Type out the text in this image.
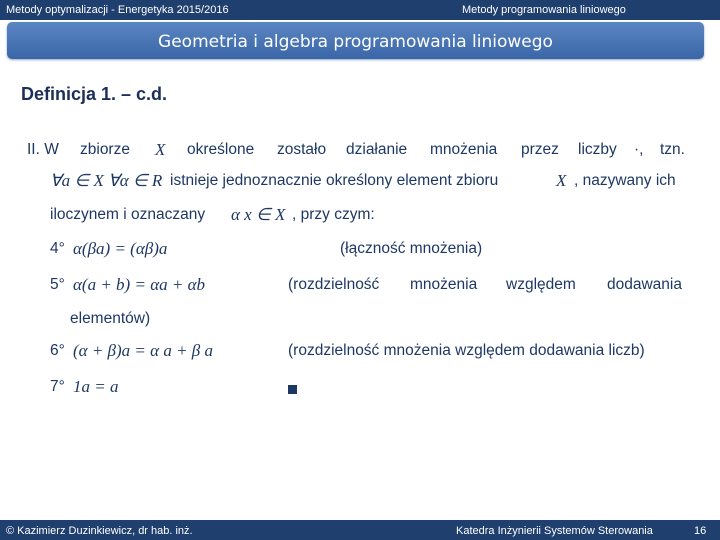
Metody optymalizacji - Energetyka 2015/2016	Metody programowania liniowego
Geometria i algebra programowania liniowego
Definicja 1. – c.d.
II. W zbiorze X określone zostało działanie mnożenia przez liczby ·, tzn.
∀a ∈ X ∀α ∈ R istnieje jednoznacznie określony element zbioru	X , nazywany ich
iloczynem i oznaczany α x ∈ X , przy czym:
4° α(βa) = (αβ)a	(łączność mnożenia)
5° α(a + b) = αa + αb	(rozdzielność mnożenia względem dodawania
elementów)
6° (α + β)a = α a + β a	(rozdzielność mnożenia względem dodawania liczb)
7° 1a = a
© Kazimierz Duzinkiewicz, dr hab. inż.	Katedra Inżynierii Systemów Sterowania	16
